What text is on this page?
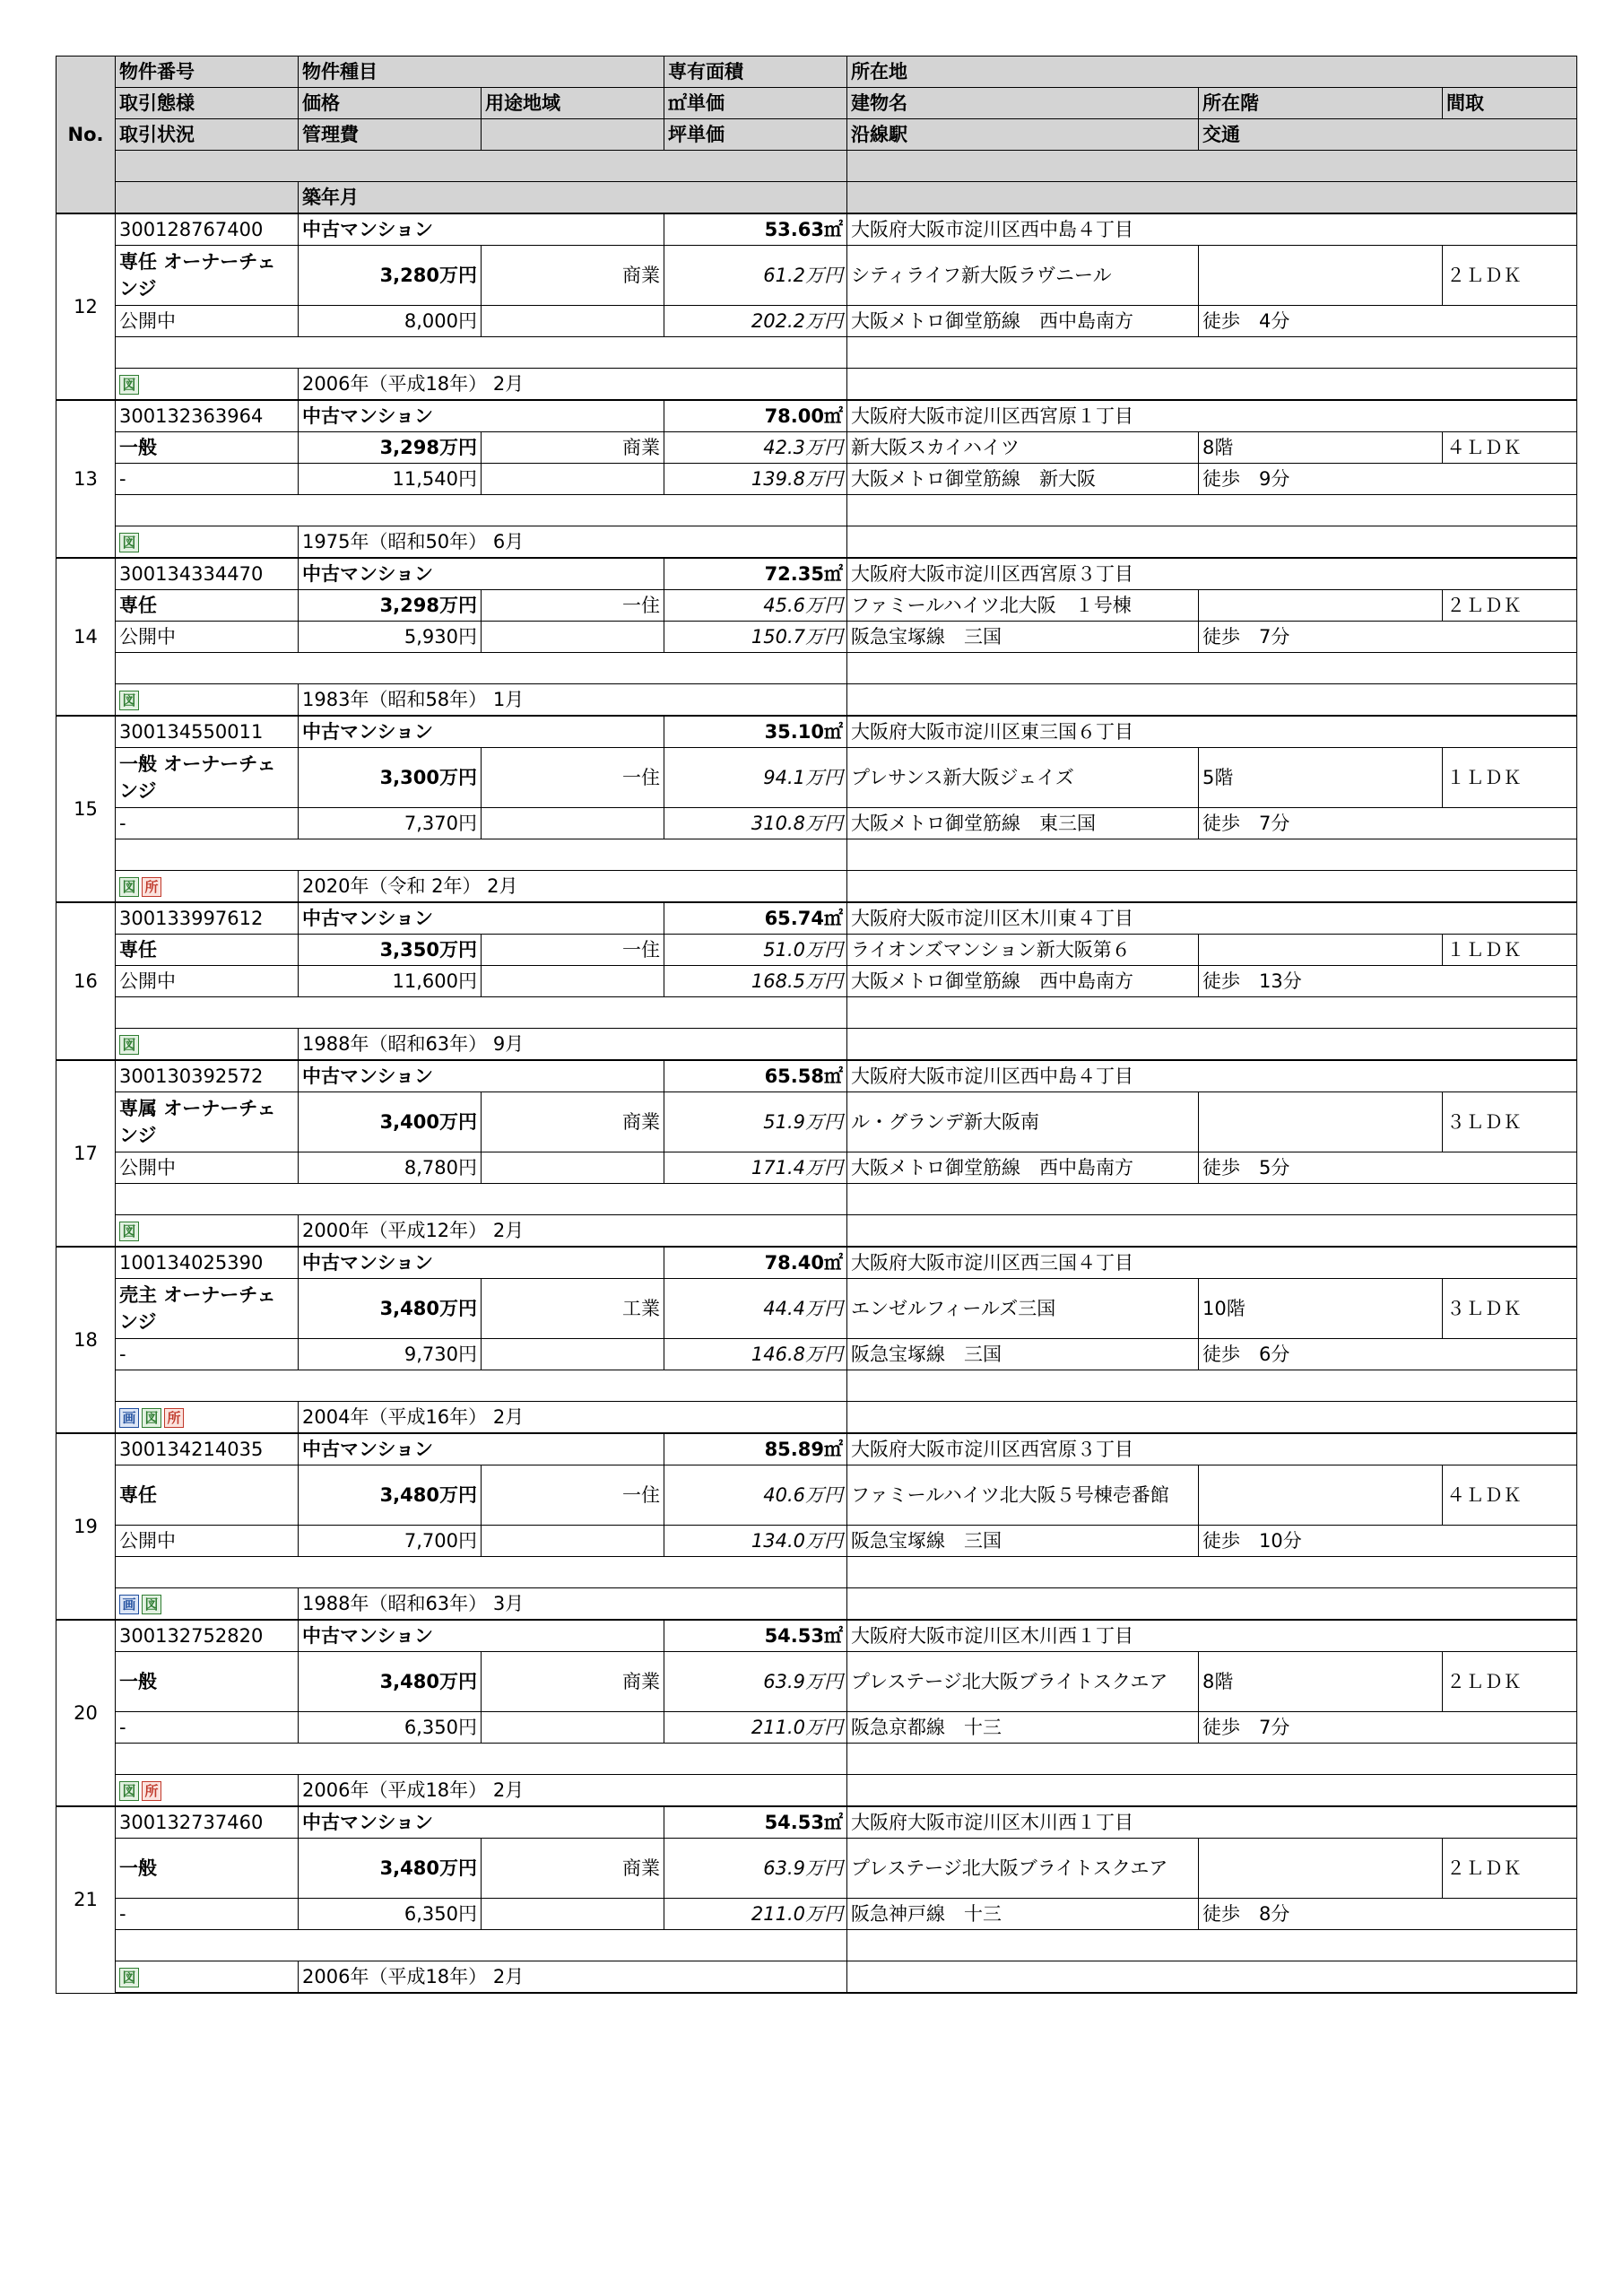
No.	物件番号	物件種目		専有面積	所在地		
	取引態様	価格	用途地域	㎡単価	建物名	所在階	間取
	取引状況	管理費		坪単価	沿線駅	交通	

		築年月					
12	300128767400	中古マンション		53.63㎡	大阪府大阪市淀川区西中島４丁目		
	専任 オーナーチェンジ	3,280万円	商業	61.2万円	シティライフ新大阪ラヴニール		２ＬＤＫ
	公開中	8,000円		202.2万円	大阪メトロ御堂筋線　西中島南方	徒歩　4分	

	図	2006年（平成18年） 2月					
13	300132363964	中古マンション		78.00㎡	大阪府大阪市淀川区西宮原１丁目		
	一般	3,298万円	商業	42.3万円	新大阪スカイハイツ	8階	４ＬＤＫ
	-	11,540円		139.8万円	大阪メトロ御堂筋線　新大阪	徒歩　9分	

	図	1975年（昭和50年） 6月					
14	300134334470	中古マンション		72.35㎡	大阪府大阪市淀川区西宮原３丁目		
	専任	3,298万円	一住	45.6万円	ファミールハイツ北大阪　１号棟		２ＬＤＫ
	公開中	5,930円		150.7万円	阪急宝塚線　三国	徒歩　7分	

	図	1983年（昭和58年） 1月					
15	300134550011	中古マンション		35.10㎡	大阪府大阪市淀川区東三国６丁目		
	一般 オーナーチェンジ	3,300万円	一住	94.1万円	プレサンス新大阪ジェイズ	5階	１ＬＤＫ
	-	7,370円		310.8万円	大阪メトロ御堂筋線　東三国	徒歩　7分	

	図 所	2020年（令和 2年） 2月					
16	300133997612	中古マンション		65.74㎡	大阪府大阪市淀川区木川東４丁目		
	専任	3,350万円	一住	51.0万円	ライオンズマンション新大阪第６		１ＬＤＫ
	公開中	11,600円		168.5万円	大阪メトロ御堂筋線　西中島南方	徒歩　13分	

	図	1988年（昭和63年） 9月					
17	300130392572	中古マンション		65.58㎡	大阪府大阪市淀川区西中島４丁目		
	専属 オーナーチェンジ	3,400万円	商業	51.9万円	ル・グランデ新大阪南		３ＬＤＫ
	公開中	8,780円		171.4万円	大阪メトロ御堂筋線　西中島南方	徒歩　5分	

	図	2000年（平成12年） 2月					
18	100134025390	中古マンション		78.40㎡	大阪府大阪市淀川区西三国４丁目		
	売主 オーナーチェンジ	3,480万円	工業	44.4万円	エンゼルフィールズ三国	10階	３ＬＤＫ
	-	9,730円		146.8万円	阪急宝塚線　三国	徒歩　6分	

	画 図 所	2004年（平成16年） 2月					
19	300134214035	中古マンション		85.89㎡	大阪府大阪市淀川区西宮原３丁目		
	専任	3,480万円	一住	40.6万円	ファミールハイツ北大阪５号棟壱番館		４ＬＤＫ
	公開中	7,700円		134.0万円	阪急宝塚線　三国	徒歩　10分	

	画 図	1988年（昭和63年） 3月					
20	300132752820	中古マンション		54.53㎡	大阪府大阪市淀川区木川西１丁目		
	一般	3,480万円	商業	63.9万円	プレステージ北大阪ブライトスクエア	8階	２ＬＤＫ
	-	6,350円		211.0万円	阪急京都線　十三	徒歩　7分	

	図 所	2006年（平成18年） 2月					
21	300132737460	中古マンション		54.53㎡	大阪府大阪市淀川区木川西１丁目		
	一般	3,480万円	商業	63.9万円	プレステージ北大阪ブライトスクエア		２ＬＤＫ
	-	6,350円		211.0万円	阪急神戸線　十三	徒歩　8分	

	図	2006年（平成18年） 2月					
